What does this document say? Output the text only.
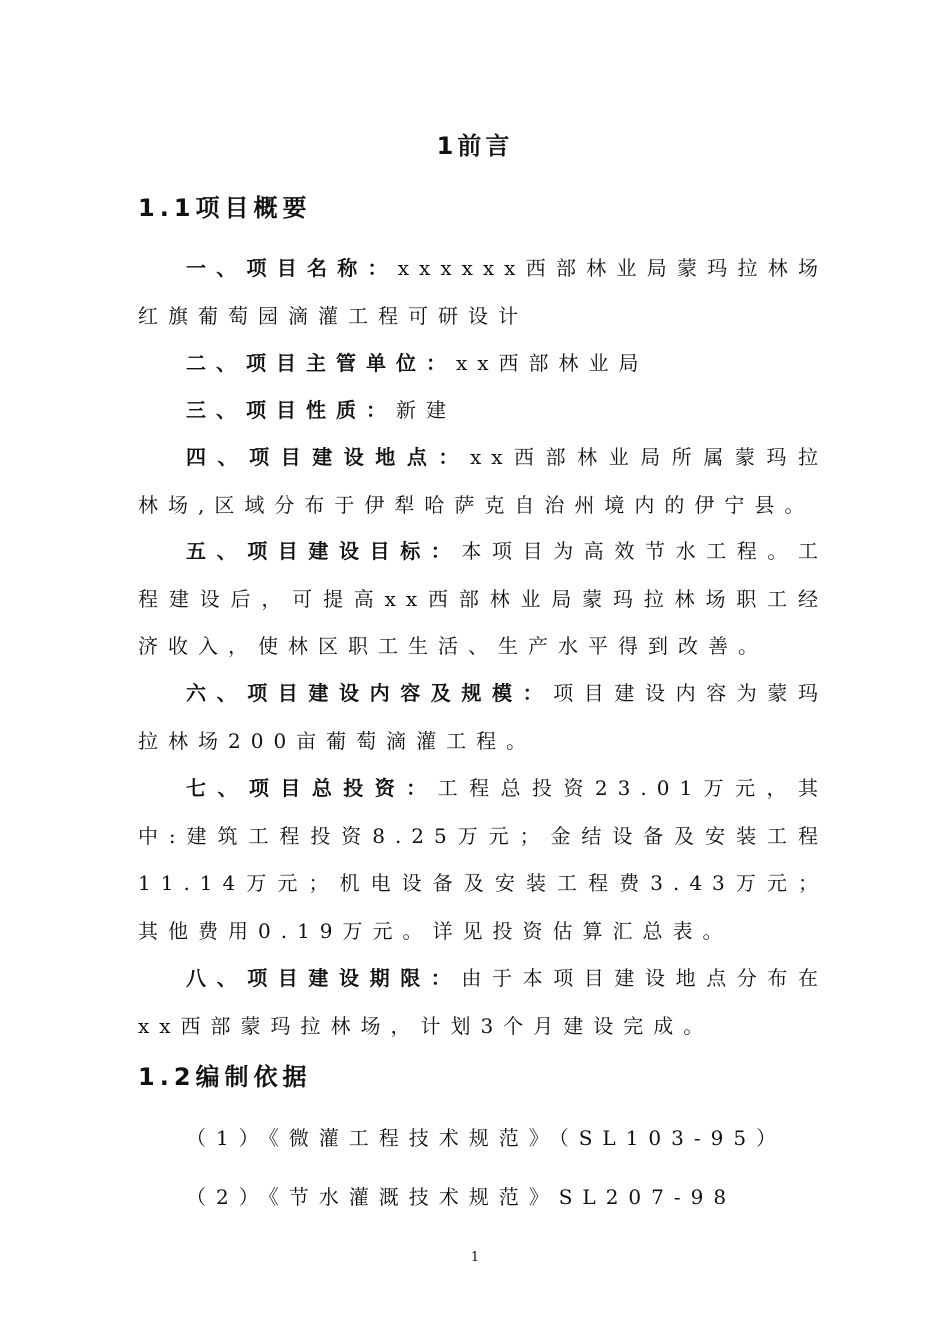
1前言
1.1项目概要

一、项目名称：xxxxxx西部林业局蒙玛拉林场红旗葡萄园滴灌工程可研设计

二、项目主管单位：xx西部林业局

三、项目性质：新建

四、项目建设地点：xx西部林业局所属蒙玛拉林场,区域分布于伊犁哈萨克自治州境内的伊宁县。

五、项目建设目标：本项目为高效节水工程。工程建设后，可提高xx西部林业局蒙玛拉林场职工经济收入，使林区职工生活、生产水平得到改善。

六、项目建设内容及规模：项目建设内容为蒙玛拉林场200亩葡萄滴灌工程。

七、项目总投资：工程总投资23.01万元，其中:建筑工程投资8.25万元；金结设备及安装工程11.14万元；机电设备及安装工程费3.43万元；其他费用0.19万元。详见投资估算汇总表。

八、项目建设期限：由于本项目建设地点分布在xx西部蒙玛拉林场，计划3个月建设完成。

1.2编制依据

（1）《微灌工程技术规范》（SL103-95）

（2）《节水灌溉技术规范》SL207-98

1
